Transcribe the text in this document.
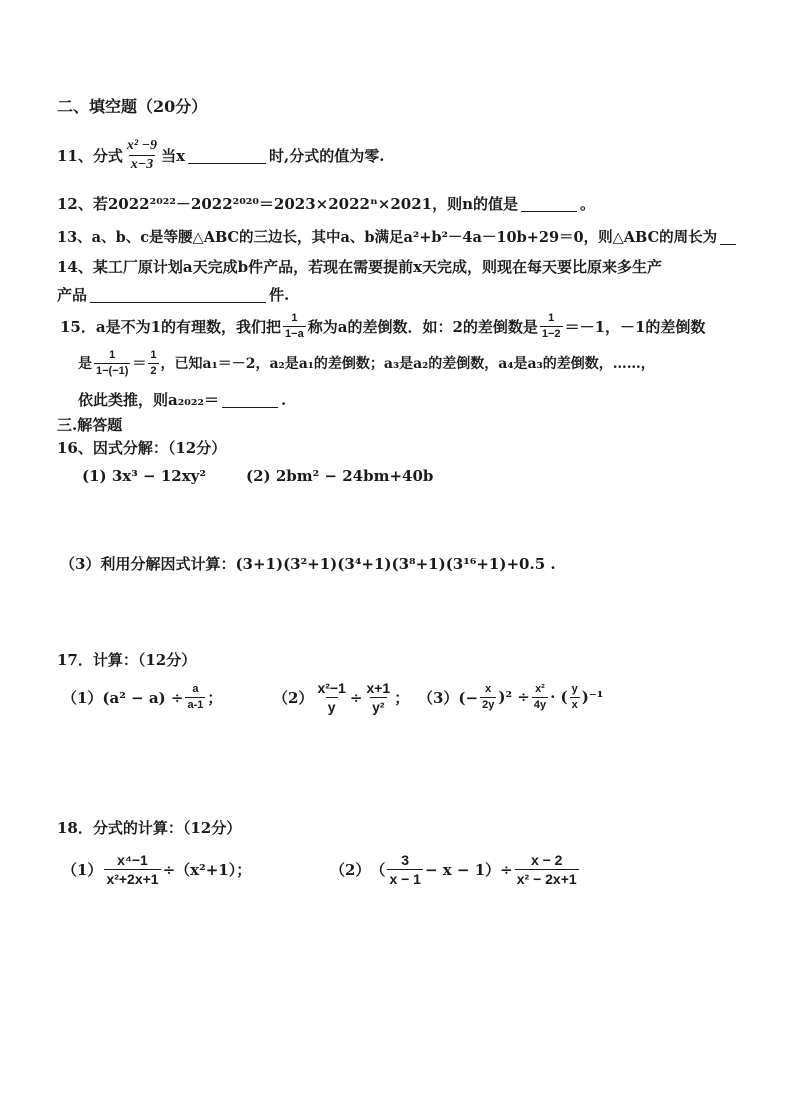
二、填空题（20分）
11、分式 $\frac{\text{x² −9}}{x-3}$ 当x	时,分式的值为零.
12、若2022²⁰²²－2022²⁰²⁰＝2023×2022ⁿ×2021，则n的值是	。
13、a、b、c是等腰△ABC的三边长，其中a、b满足a²+b²－4a－10b+29＝0，则△ABC的周长为
14、某工厂原计划a天完成b件产品，若现在需要提前x天完成，则现在每天要比原来多生产
产品	件.
15．a是不为1的有理数，我们把 $\frac{1}{1-a}$ 称为a的差倒数．如：2的差倒数是 $\frac{1}{1-2} =-1$，－1的差倒数
是 $\frac{1}{1-(-1)} = \frac{1}{2}$ ，已知a₁＝－2，a₂是a₁的差倒数；a₃是a₂的差倒数，a₄是a₃的差倒数，……，
依此类推，则a₂₀₂₂＝	.
三.解答题
16、因式分解：（12分）
(1) 3x³ − 12xy²	(2) 2bm² − 24bm+40b
（3）利用分解因式计算：(3+1)(3²+1)(3⁴+1)(3⁸+1)(3¹⁶+1)+0.5 .
17．计算：（12分）
$(1)(a^2 - a) \div \frac{a}{a-1}$ ；	$(2) \frac{\text{x²−1}}{y} \div \frac{x+1}{\text{y²}}$ ； $(3)(- \frac{x}{2y} )^2 \div \frac{\text{x²}}{4y}$ · ( $\frac{y}{x} )^{-1}$
18．分式的计算：（12分）
$(1) \frac{\text{x⁴−1}}{\text{x²+2x+1}} \div(x^2+1)$；	（2）　（ $\frac{3}{x - 1} - x - 1)\div \frac{x - 2}{\text{x² − 2x+1}}$
